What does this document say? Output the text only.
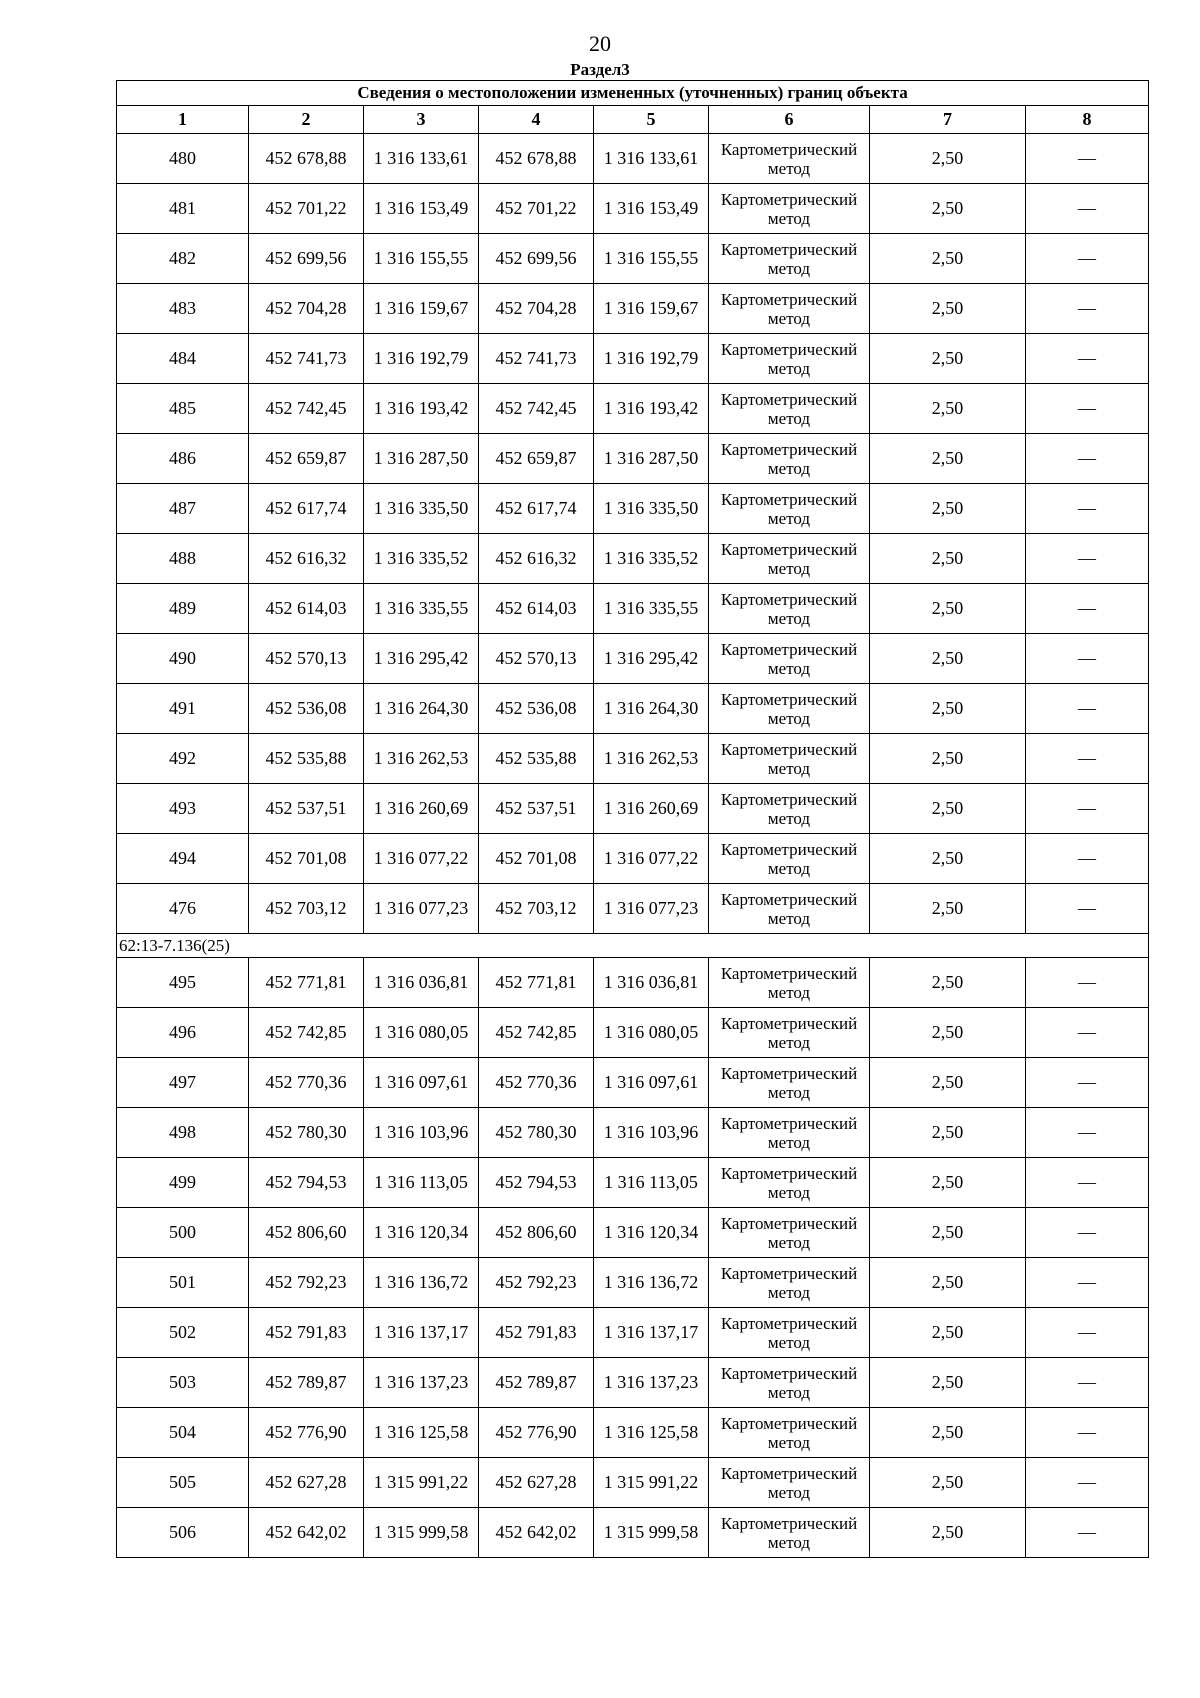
20
Раздел3
Сведения о местоположении измененных (уточненных) границ объекта							
1	2	3	4	5	6	7	8
480	452 678,88	1 316 133,61	452 678,88	1 316 133,61	Картометрический метод	2,50	—
481	452 701,22	1 316 153,49	452 701,22	1 316 153,49	Картометрический метод	2,50	—
482	452 699,56	1 316 155,55	452 699,56	1 316 155,55	Картометрический метод	2,50	—
483	452 704,28	1 316 159,67	452 704,28	1 316 159,67	Картометрический метод	2,50	—
484	452 741,73	1 316 192,79	452 741,73	1 316 192,79	Картометрический метод	2,50	—
485	452 742,45	1 316 193,42	452 742,45	1 316 193,42	Картометрический метод	2,50	—
486	452 659,87	1 316 287,50	452 659,87	1 316 287,50	Картометрический метод	2,50	—
487	452 617,74	1 316 335,50	452 617,74	1 316 335,50	Картометрический метод	2,50	—
488	452 616,32	1 316 335,52	452 616,32	1 316 335,52	Картометрический метод	2,50	—
489	452 614,03	1 316 335,55	452 614,03	1 316 335,55	Картометрический метод	2,50	—
490	452 570,13	1 316 295,42	452 570,13	1 316 295,42	Картометрический метод	2,50	—
491	452 536,08	1 316 264,30	452 536,08	1 316 264,30	Картометрический метод	2,50	—
492	452 535,88	1 316 262,53	452 535,88	1 316 262,53	Картометрический метод	2,50	—
493	452 537,51	1 316 260,69	452 537,51	1 316 260,69	Картометрический метод	2,50	—
494	452 701,08	1 316 077,22	452 701,08	1 316 077,22	Картометрический метод	2,50	—
476	452 703,12	1 316 077,23	452 703,12	1 316 077,23	Картометрический метод	2,50	—
62:13-7.136(25)							
495	452 771,81	1 316 036,81	452 771,81	1 316 036,81	Картометрический метод	2,50	—
496	452 742,85	1 316 080,05	452 742,85	1 316 080,05	Картометрический метод	2,50	—
497	452 770,36	1 316 097,61	452 770,36	1 316 097,61	Картометрический метод	2,50	—
498	452 780,30	1 316 103,96	452 780,30	1 316 103,96	Картометрический метод	2,50	—
499	452 794,53	1 316 113,05	452 794,53	1 316 113,05	Картометрический метод	2,50	—
500	452 806,60	1 316 120,34	452 806,60	1 316 120,34	Картометрический метод	2,50	—
501	452 792,23	1 316 136,72	452 792,23	1 316 136,72	Картометрический метод	2,50	—
502	452 791,83	1 316 137,17	452 791,83	1 316 137,17	Картометрический метод	2,50	—
503	452 789,87	1 316 137,23	452 789,87	1 316 137,23	Картометрический метод	2,50	—
504	452 776,90	1 316 125,58	452 776,90	1 316 125,58	Картометрический метод	2,50	—
505	452 627,28	1 315 991,22	452 627,28	1 315 991,22	Картометрический метод	2,50	—
506	452 642,02	1 315 999,58	452 642,02	1 315 999,58	Картометрический метод	2,50	—
